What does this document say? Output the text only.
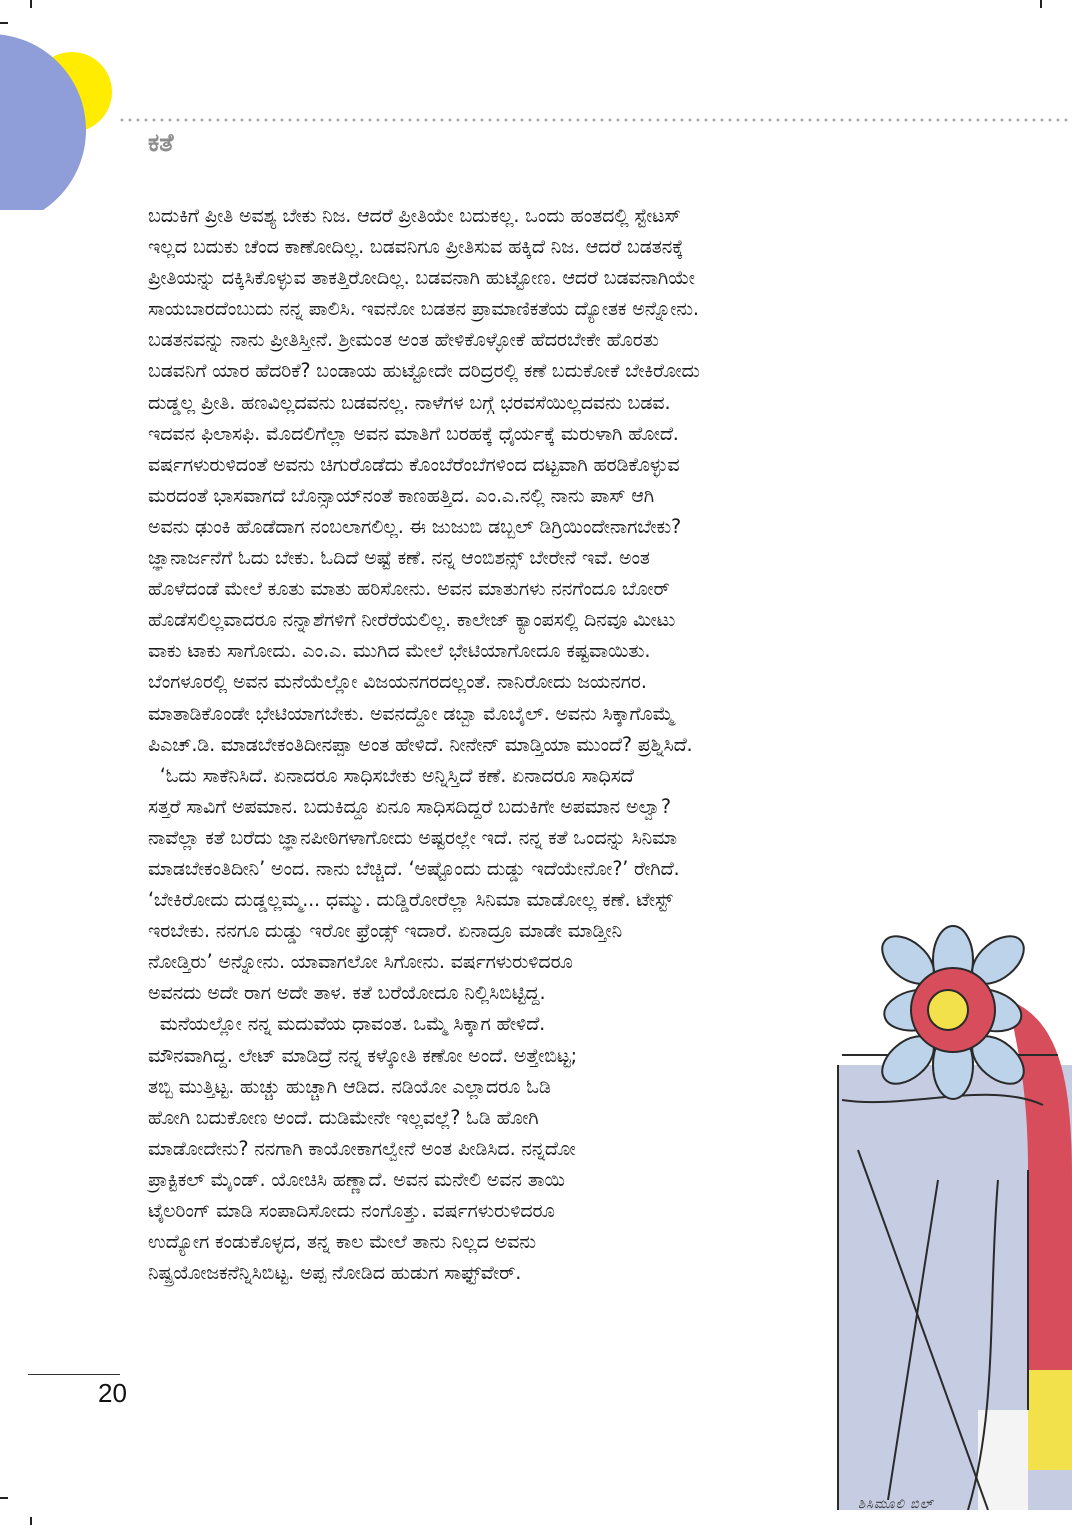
ಕತೆ
ಬದುಕಿಗೆ ಪ್ರೀತಿ ಅವಶ್ಯ ಬೇಕು ನಿಜ. ಆದರೆ ಪ್ರೀತಿಯೇ ಬದುಕಲ್ಲ. ಒಂದು ಹಂತದಲ್ಲಿ ಸ್ಟೇಟಸ್
ಇಲ್ಲದ ಬದುಕು ಚೆಂದ ಕಾಣೋದಿಲ್ಲ. ಬಡವನಿಗೂ ಪ್ರೀತಿಸುವ ಹಕ್ಕಿದೆ ನಿಜ. ಆದರೆ ಬಡತನಕ್ಕೆ
ಪ್ರೀತಿಯನ್ನು ದಕ್ಕಿಸಿಕೊಳ್ಳುವ ತಾಕತ್ತಿರೋದಿಲ್ಲ. ಬಡವನಾಗಿ ಹುಟ್ಟೋಣ. ಆದರೆ ಬಡವನಾಗಿಯೇ
ಸಾಯಬಾರದೆಂಬುದು ನನ್ನ ಪಾಲಿಸಿ. ಇವನೋ ಬಡತನ ಪ್ರಾಮಾಣಿಕತೆಯ ದ್ಯೋತಕ ಅನ್ನೋನು.
ಬಡತನವನ್ನು ನಾನು ಪ್ರೀತಿಸ್ತೀನೆ. ಶ್ರೀಮಂತ ಅಂತ ಹೇಳಿಕೊಳ್ಳೋಕೆ ಹೆದರಬೇಕೇ ಹೊರತು
ಬಡವನಿಗೆ ಯಾರ ಹೆದರಿಕೆ? ಬಂಡಾಯ ಹುಟ್ಟೋದೇ ದರಿದ್ರರಲ್ಲಿ ಕಣೆ ಬದುಕೋಕೆ ಬೇಕಿರೋದು
ದುಡ್ಡಲ್ಲ ಪ್ರೀತಿ. ಹಣವಿಲ್ಲದವನು ಬಡವನಲ್ಲ. ನಾಳೆಗಳ ಬಗ್ಗೆ ಭರವಸೆಯಿಲ್ಲದವನು ಬಡವ.
ಇದವನ ಫಿಲಾಸಫಿ. ಮೊದಲಿಗೆಲ್ಲಾ ಅವನ ಮಾತಿಗೆ ಬರಹಕ್ಕೆ ಧೈರ್ಯಕ್ಕೆ ಮರುಳಾಗಿ ಹೋದೆ.
ವರ್ಷಗಳುರುಳಿದಂತೆ ಅವನು ಚಿಗುರೊಡೆದು ಕೊಂಬೆರೆಂಬೆಗಳಿಂದ ದಟ್ಟವಾಗಿ ಹರಡಿಕೊಳ್ಳುವ
ಮರದಂತೆ ಭಾಸವಾಗದೆ ಬೊನ್ಸಾಯ್‌ನಂತೆ ಕಾಣಹತ್ತಿದ. ಎಂ.ಎ.ನಲ್ಲಿ ನಾನು ಪಾಸ್ ಆಗಿ
ಅವನು ಢುಂಕಿ ಹೊಡೆದಾಗ ನಂಬಲಾಗಲಿಲ್ಲ. ಈ ಜುಜುಬಿ ಡಬ್ಬಲ್ ಡಿಗ್ರಿಯಿಂದೇನಾಗಬೇಕು?
ಜ್ಞಾನಾರ್ಜನೆಗೆ ಓದು ಬೇಕು. ಓದಿದೆ ಅಷ್ಟೆ ಕಣೆ. ನನ್ನ ಆಂಬಿಶನ್ಸ್ ಬೇರೇನೆ ಇವೆ. ಅಂತ
ಹೊಳೆದಂಡೆ ಮೇಲೆ ಕೂತು ಮಾತು ಹರಿಸೋನು. ಅವನ ಮಾತುಗಳು ನನಗೆಂದೂ ಬೋರ್
ಹೊಡೆಸಲಿಲ್ಲವಾದರೂ ನನ್ನಾಶೆಗಳಿಗೆ ನೀರೆರೆಯಲಿಲ್ಲ. ಕಾಲೇಜ್ ಕ್ಯಾಂಪಸಲ್ಲಿ ದಿನವೂ ಮೀಟು
ವಾಕು ಟಾಕು ಸಾಗೋದು. ಎಂ.ಎ. ಮುಗಿದ ಮೇಲೆ ಭೇಟಿಯಾಗೋದೂ ಕಷ್ಟವಾಯಿತು.
ಬೆಂಗಳೂರಲ್ಲಿ ಅವನ ಮನೆಯೆಲ್ಲೋ ವಿಜಯನಗರದಲ್ಲಂತೆ. ನಾನಿರೋದು ಜಯನಗರ.
ಮಾತಾಡಿಕೊಂಡೇ ಭೇಟಿಯಾಗಬೇಕು. ಅವನದ್ದೋ ಡಬ್ಬಾ ಮೊಬೈಲ್. ಅವನು ಸಿಕ್ಕಾಗೊಮ್ಮೆ
ಪಿಎಚ್.ಡಿ. ಮಾಡಬೇಕಂತಿದೀನಪ್ಪಾ ಅಂತ ಹೇಳಿದೆ. ನೀನೇನ್ ಮಾಡ್ತಿಯಾ ಮುಂದೆ? ಪ್ರಶ್ನಿಸಿದೆ.
‘ಓದು ಸಾಕೆನಿಸಿದೆ. ಏನಾದರೂ ಸಾಧಿಸಬೇಕು ಅನ್ನಿಸ್ತಿದೆ ಕಣೆ. ಏನಾದರೂ ಸಾಧಿಸದೆ
ಸತ್ತರೆ ಸಾವಿಗೆ ಅಪಮಾನ. ಬದುಕಿದ್ದೂ ಏನೂ ಸಾಧಿಸದಿದ್ದರೆ ಬದುಕಿಗೇ ಅಪಮಾನ ಅಲ್ವಾ?
ನಾವೆಲ್ಲಾ ಕತೆ ಬರೆದು ಜ್ಞಾನಪೀಠಿಗಳಾಗೋದು ಅಷ್ಟರಲ್ಲೇ ಇದೆ. ನನ್ನ ಕತೆ ಒಂದನ್ನು ಸಿನಿಮಾ
ಮಾಡಬೇಕಂತಿದೀನಿ’ ಅಂದ. ನಾನು ಬೆಚ್ಚಿದೆ. ‘ಅಷ್ಟೊಂದು ದುಡ್ಡು ಇದೆಯೇನೋ?’ ರೇಗಿದೆ.
‘ಬೇಕಿರೋದು ದುಡ್ಡಲ್ಲಮ್ಮ... ಧಮ್ಮು. ದುಡ್ಡಿರೋರೆಲ್ಲಾ ಸಿನಿಮಾ ಮಾಡೋಲ್ಲ ಕಣೆ. ಟೇಸ್ಟ್
ಇರಬೇಕು. ನನಗೂ ದುಡ್ಡು ಇರೋ ಫ್ರೆಂಡ್ಸ್ ಇದಾರೆ. ಏನಾದ್ರೂ ಮಾಡೇ ಮಾಡ್ತೀನಿ
ನೋಡ್ತಿರು’ ಅನ್ನೋನು. ಯಾವಾಗಲೋ ಸಿಗೋನು. ವರ್ಷಗಳುರುಳಿದರೂ
ಅವನದು ಅದೇ ರಾಗ ಅದೇ ತಾಳ. ಕತೆ ಬರೆಯೋದೂ ನಿಲ್ಲಿಸಿಬಿಟ್ಟಿದ್ದ.
ಮನೆಯಲ್ಲೋ ನನ್ನ ಮದುವೆಯ ಧಾವಂತ. ಒಮ್ಮೆ ಸಿಕ್ಕಾಗ ಹೇಳಿದೆ.
ಮೌನವಾಗಿದ್ದ. ಲೇಟ್ ಮಾಡಿದ್ರೆ ನನ್ನ ಕಳ್ಕೋತಿ ಕಣೋ ಅಂದೆ. ಅತ್ತೇಬಿಟ್ಟ;
ತಬ್ಬಿ ಮುತ್ತಿಟ್ಟ. ಹುಚ್ಚು ಹುಚ್ಚಾಗಿ ಆಡಿದ. ನಡಿಯೋ ಎಲ್ಲಾದರೂ ಓಡಿ
ಹೋಗಿ ಬದುಕೋಣ ಅಂದೆ. ದುಡಿಮೇನೇ ಇಲ್ಲವಲ್ಲೆ? ಓಡಿ ಹೋಗಿ
ಮಾಡೋದೇನು? ನನಗಾಗಿ ಕಾಯೋಕಾಗಲ್ವೇನೆ ಅಂತ ಪೀಡಿಸಿದ. ನನ್ನದೋ
ಪ್ರಾಕ್ಟಿಕಲ್ ಮೈಂಡ್. ಯೋಚಿಸಿ ಹಣ್ಣಾದೆ. ಅವನ ಮನೇಲಿ ಅವನ ತಾಯಿ
ಟೈಲರಿಂಗ್ ಮಾಡಿ ಸಂಪಾದಿಸೋದು ನಂಗೊತ್ತು. ವರ್ಷಗಳುರುಳಿದರೂ
ಉದ್ಯೋಗ ಕಂಡುಕೊಳ್ಳದ, ತನ್ನ ಕಾಲ ಮೇಲೆ ತಾನು ನಿಲ್ಲದ ಅವನು
ನಿಷ್ಪ್ರಯೋಜಕನೆನ್ನಿಸಿಬಿಟ್ಟ. ಅಪ್ಪ ನೋಡಿದ ಹುಡುಗ ಸಾಫ್ಟ್‌ವೇರ್.
ಶಿಸಿಮೂಲಿ ಬಿಲ್
20
